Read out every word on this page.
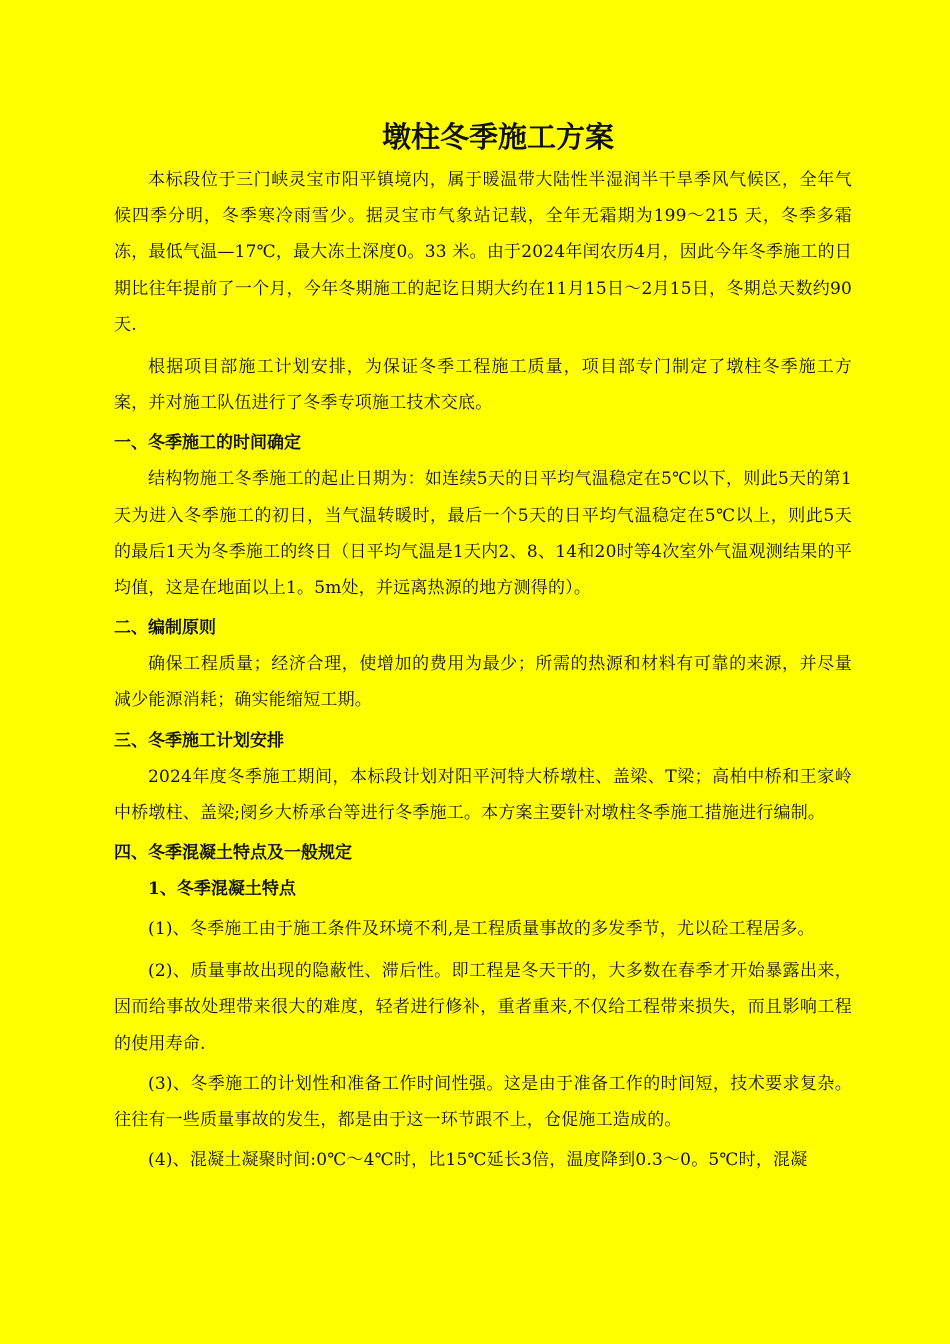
墩柱冬季施工方案

本标段位于三门峡灵宝市阳平镇境内，属于暖温带大陆性半湿润半干旱季风气候区，全年气候四季分明，冬季寒冷雨雪少。据灵宝市气象站记载，全年无霜期为199～215 天，冬季多霜冻，最低气温—17℃，最大冻土深度0。33 米。由于2024年闰农历4月，因此今年冬季施工的日期比往年提前了一个月，今年冬期施工的起讫日期大约在11月15日～2月15日，冬期总天数约90天.

根据项目部施工计划安排，为保证冬季工程施工质量，项目部专门制定了墩柱冬季施工方案，并对施工队伍进行了冬季专项施工技术交底。

一、冬季施工的时间确定

结构物施工冬季施工的起止日期为：如连续5天的日平均气温稳定在5℃以下，则此5天的第1天为进入冬季施工的初日，当气温转暖时，最后一个5天的日平均气温稳定在5℃以上，则此5天的最后1天为冬季施工的终日（日平均气温是1天内2、8、14和20时等4次室外气温观测结果的平均值，这是在地面以上1。5m处，并远离热源的地方测得的）。

二、编制原则

确保工程质量；经济合理，使增加的费用为最少；所需的热源和材料有可靠的来源，并尽量减少能源消耗；确实能缩短工期。

三、冬季施工计划安排

2024年度冬季施工期间，本标段计划对阳平河特大桥墩柱、盖梁、T梁；高柏中桥和王家岭中桥墩柱、盖梁;阌乡大桥承台等进行冬季施工。本方案主要针对墩柱冬季施工措施进行编制。

四、冬季混凝土特点及一般规定
1、冬季混凝土特点

(1)、冬季施工由于施工条件及环境不利,是工程质量事故的多发季节，尤以砼工程居多。

(2)、质量事故出现的隐蔽性、滞后性。即工程是冬天干的，大多数在春季才开始暴露出来，因而给事故处理带来很大的难度，轻者进行修补，重者重来,不仅给工程带来损失，而且影响工程的使用寿命.

(3)、冬季施工的计划性和准备工作时间性强。这是由于准备工作的时间短，技术要求复杂。往往有一些质量事故的发生，都是由于这一环节跟不上，仓促施工造成的。

(4)、混凝土凝聚时间:0℃～4℃时，比15℃延长3倍，温度降到0.3～0。5℃时，混凝
